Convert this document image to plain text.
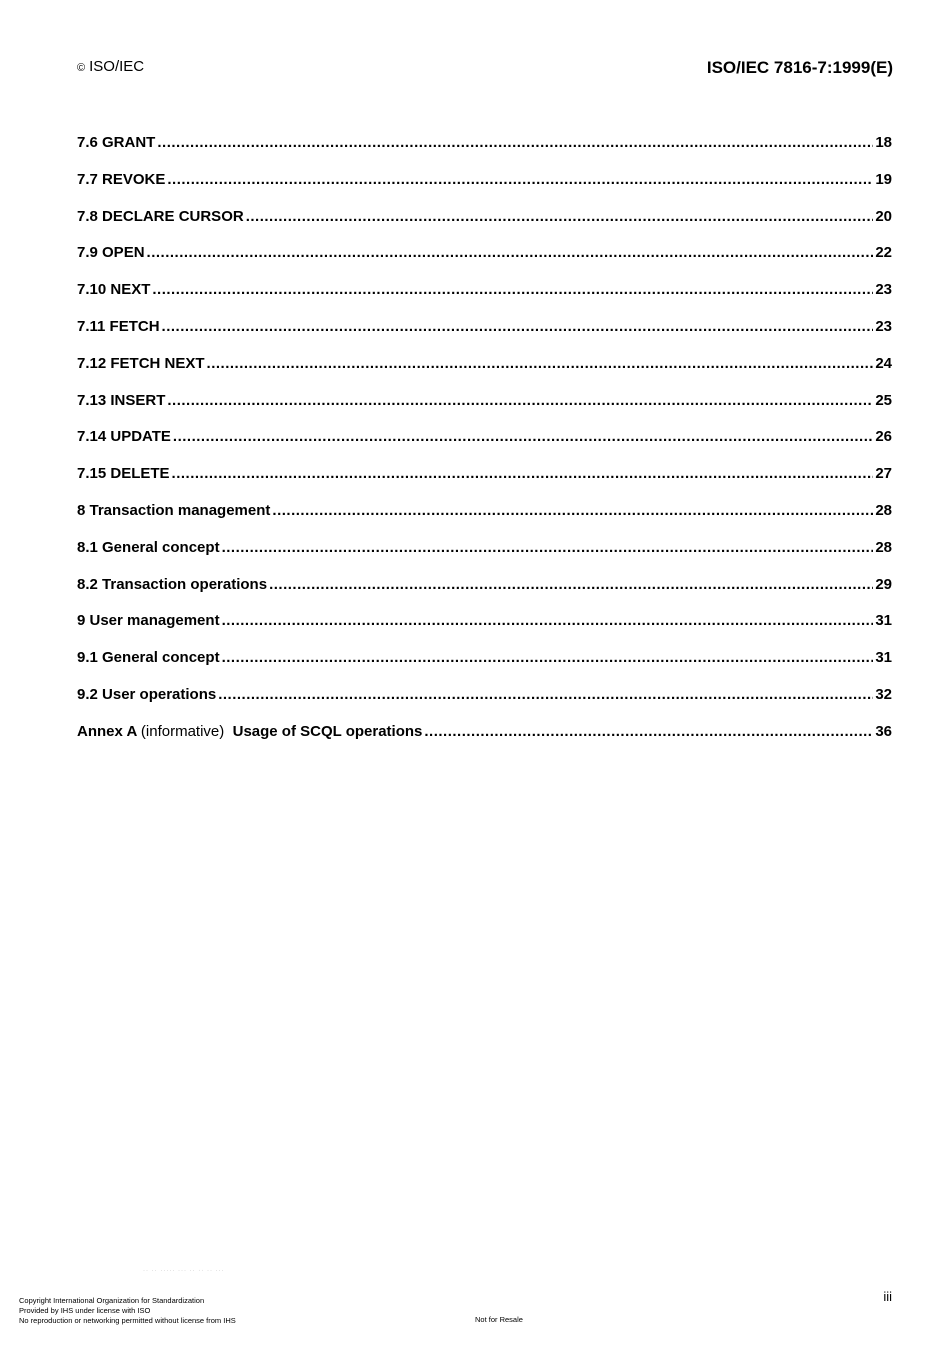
© ISO/IEC	ISO/IEC 7816-7:1999(E)
7.6 GRANT .....	18
7.7 REVOKE .....	19
7.8 DECLARE CURSOR .....	20
7.9 OPEN .....	22
7.10 NEXT .....	23
7.11 FETCH .....	23
7.12 FETCH NEXT .....	24
7.13 INSERT .....	25
7.14 UPDATE .....	26
7.15 DELETE .....	27
8 Transaction management .....	28
8.1 General concept .....	28
8.2 Transaction operations .....	29
9 User management .....	31
9.1 General concept .....	31
9.2 User operations .....	32
Annex A (informative) Usage of SCQL operations .....	36
·· ·· ····· ··· ·· ·· ·· ···
Copyright International Organization for Standardization
Provided by IHS under license with ISO
No reproduction or networking permitted without license from IHS	Not for Resale
iii
